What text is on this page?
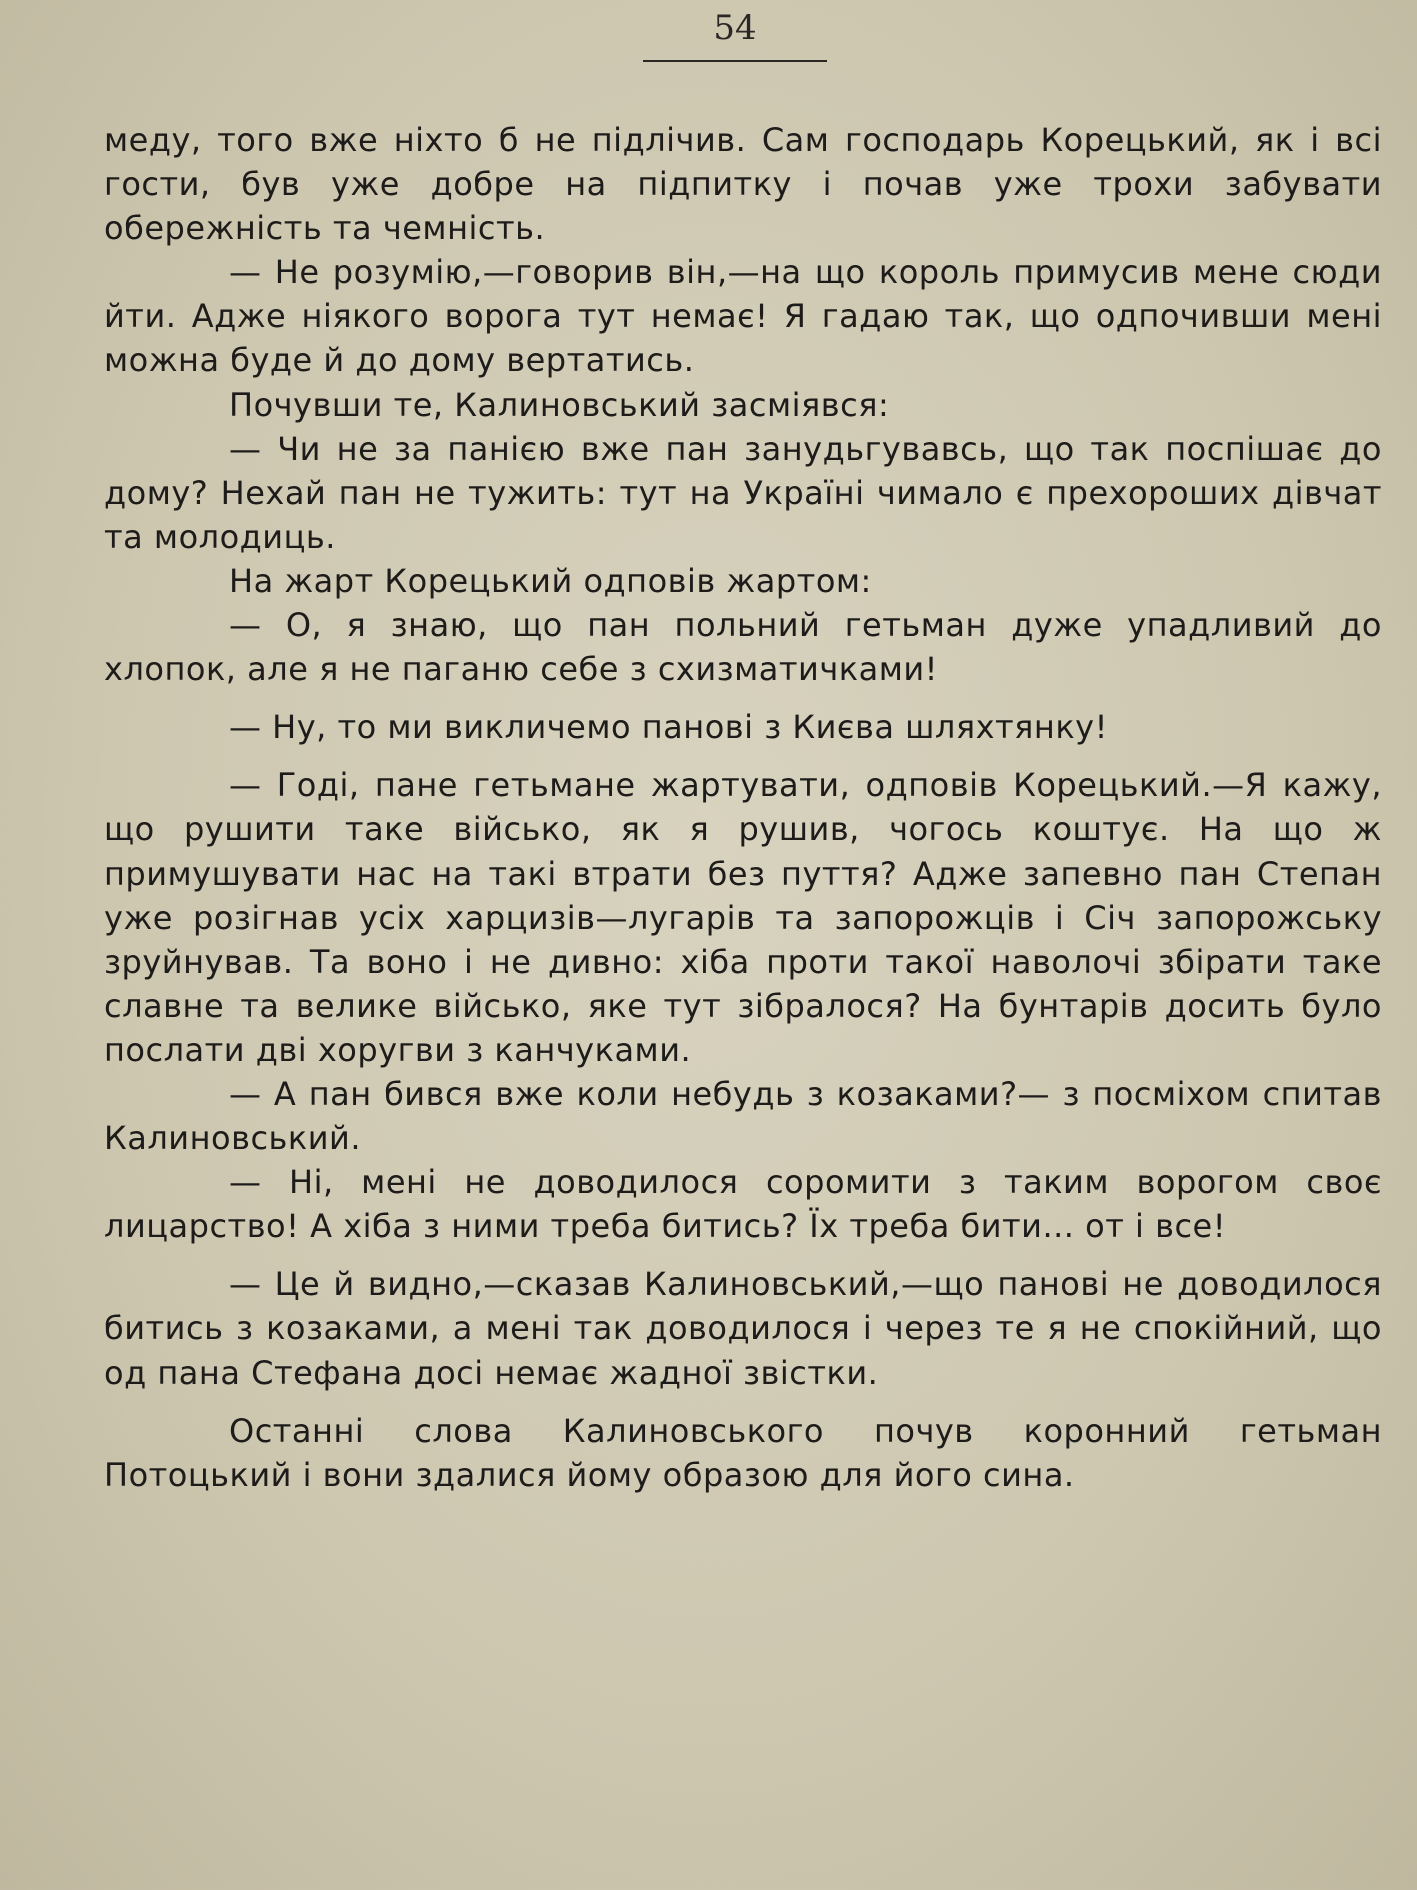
54

меду, того вже ніхто б не підлічив. Сам господарь Корецький, як і всі гости, був уже добре на підпитку і почав уже трохи забувати обережність та чемність.

— Не розумію,—говорив він,—на що король примусив мене сюди йти. Адже ніякого ворога тут немає! Я гадаю так, що одпочивши мені можна буде й до дому вертатись.

Почувши те, Калиновський засміявся:

— Чи не за панією вже пан занудьгувавсь, що так поспішає до дому? Нехай пан не тужить: тут на Україні чимало є прехороших дівчат та молодиць.

На жарт Корецький одповів жартом:

— О, я знаю, що пан польний гетьман дуже упадливий до хлопок, але я не паганю себе з схизматичками!

— Ну, то ми викличемо панові з Києва шляхтянку!

— Годі, пане гетьмане жартувати, одповів Корецький.—Я кажу, що рушити таке військо, як я рушив, чогось коштує. На що ж примушувати нас на такі втрати без пуття? Адже запевно пан Степан уже розігнав усіх харцизів—лугарів та запорожців і Січ запорожську зруйнував. Та воно і не дивно: хіба проти такої наволочі збірати таке славне та велике військо, яке тут зібралося? На бунтарів досить було послати дві хоругви з канчуками.

— А пан бився вже коли небудь з козаками?— з посміхом спитав Калиновський.

— Ні, мені не доводилося соромити з таким ворогом своє лицарство! А хіба з ними треба битись? Їх треба бити... от і все!

— Це й видно,—сказав Калиновський,—що панові не доводилося битись з козаками, а мені так доводилося і через те я не спокійний, що од пана Стефана досі немає жадної звістки.

Останні слова Калиновського почув коронний гетьман Потоцький і вони здалися йому образою для його сина.
